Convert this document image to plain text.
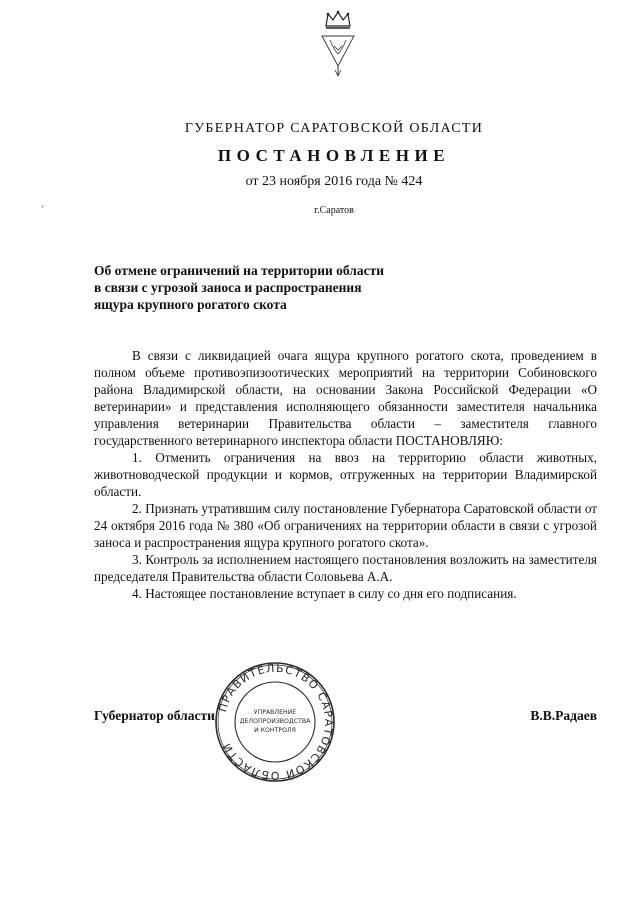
ГУБЕРНАТОР САРАТОВСКОЙ ОБЛАСТИ
ПОСТАНОВЛЕНИЕ
от 23 ноября 2016 года № 424
г.Саратов
'
Об отмене ограничений на территории области
в связи с угрозой заноса и распространения
ящура крупного рогатого скота

В связи с ликвидацией очага ящура крупного рогатого скота, проведением в полном объеме противоэпизоотических мероприятий на территории Собиновского района Владимирской области, на основании Закона Российской Федерации «О ветеринарии» и представления исполняющего обязанности заместителя начальника управления ветеринарии Правительства области – заместителя главного государственного ветеринарного инспектора области ПОСТАНОВЛЯЮ:

1. Отменить ограничения на ввоз на территорию области животных, животноводческой продукции и кормов, отгруженных на территории Владимирской области.

2. Признать утратившим силу постановление Губернатора Саратовской области от 24 октября 2016 года № 380 «Об ограничениях на территории области в связи с угрозой заноса и распространения ящура крупного рогатого скота».

3. Контроль за исполнением настоящего постановления возложить на заместителя председателя Правительства области Соловьева А.А.

4. Настоящее постановление вступает в силу со дня его подписания.

Губернатор области	В.В.Радаев
ПРАВИТЕЛЬСТВО САРАТОВСКОЙ ОБЛАСТИ
УПРАВЛЕНИЕ
ДЕЛОПРОИЗВОДСТВА
И КОНТРОЛЯ
